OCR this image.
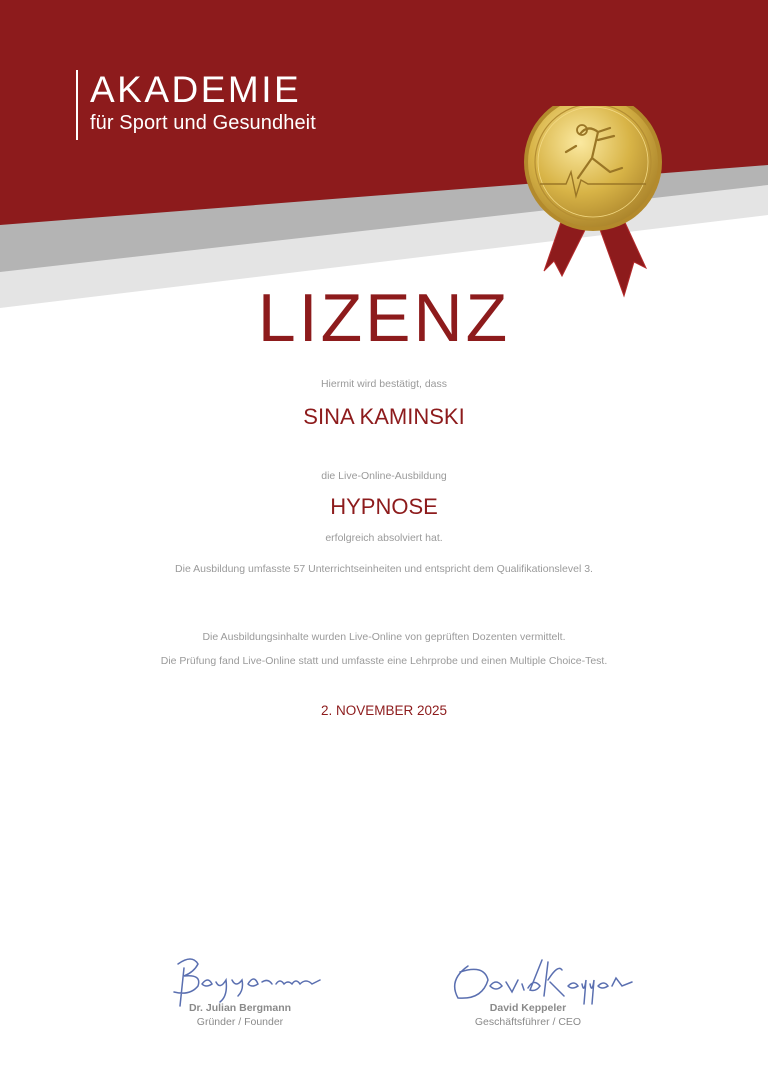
AKADEMIE

für Sport und Gesundheit

LIZENZ
Hiermit wird bestätigt, dass
SINA KAMINSKI
die Live-Online-Ausbildung
HYPNOSE
erfolgreich absolviert hat.
Die Ausbildung umfasste 57 Unterrichtseinheiten und entspricht dem Qualifikationslevel 3.
Die Ausbildungsinhalte wurden Live-Online von geprüften Dozenten vermittelt.
Die Prüfung fand Live-Online statt und umfasste eine Lehrprobe und einen Multiple Choice-Test.
2. NOVEMBER 2025
Dr. Julian Bergmann
Gründer / Founder
David Keppeler
Geschäftsführer / CEO
